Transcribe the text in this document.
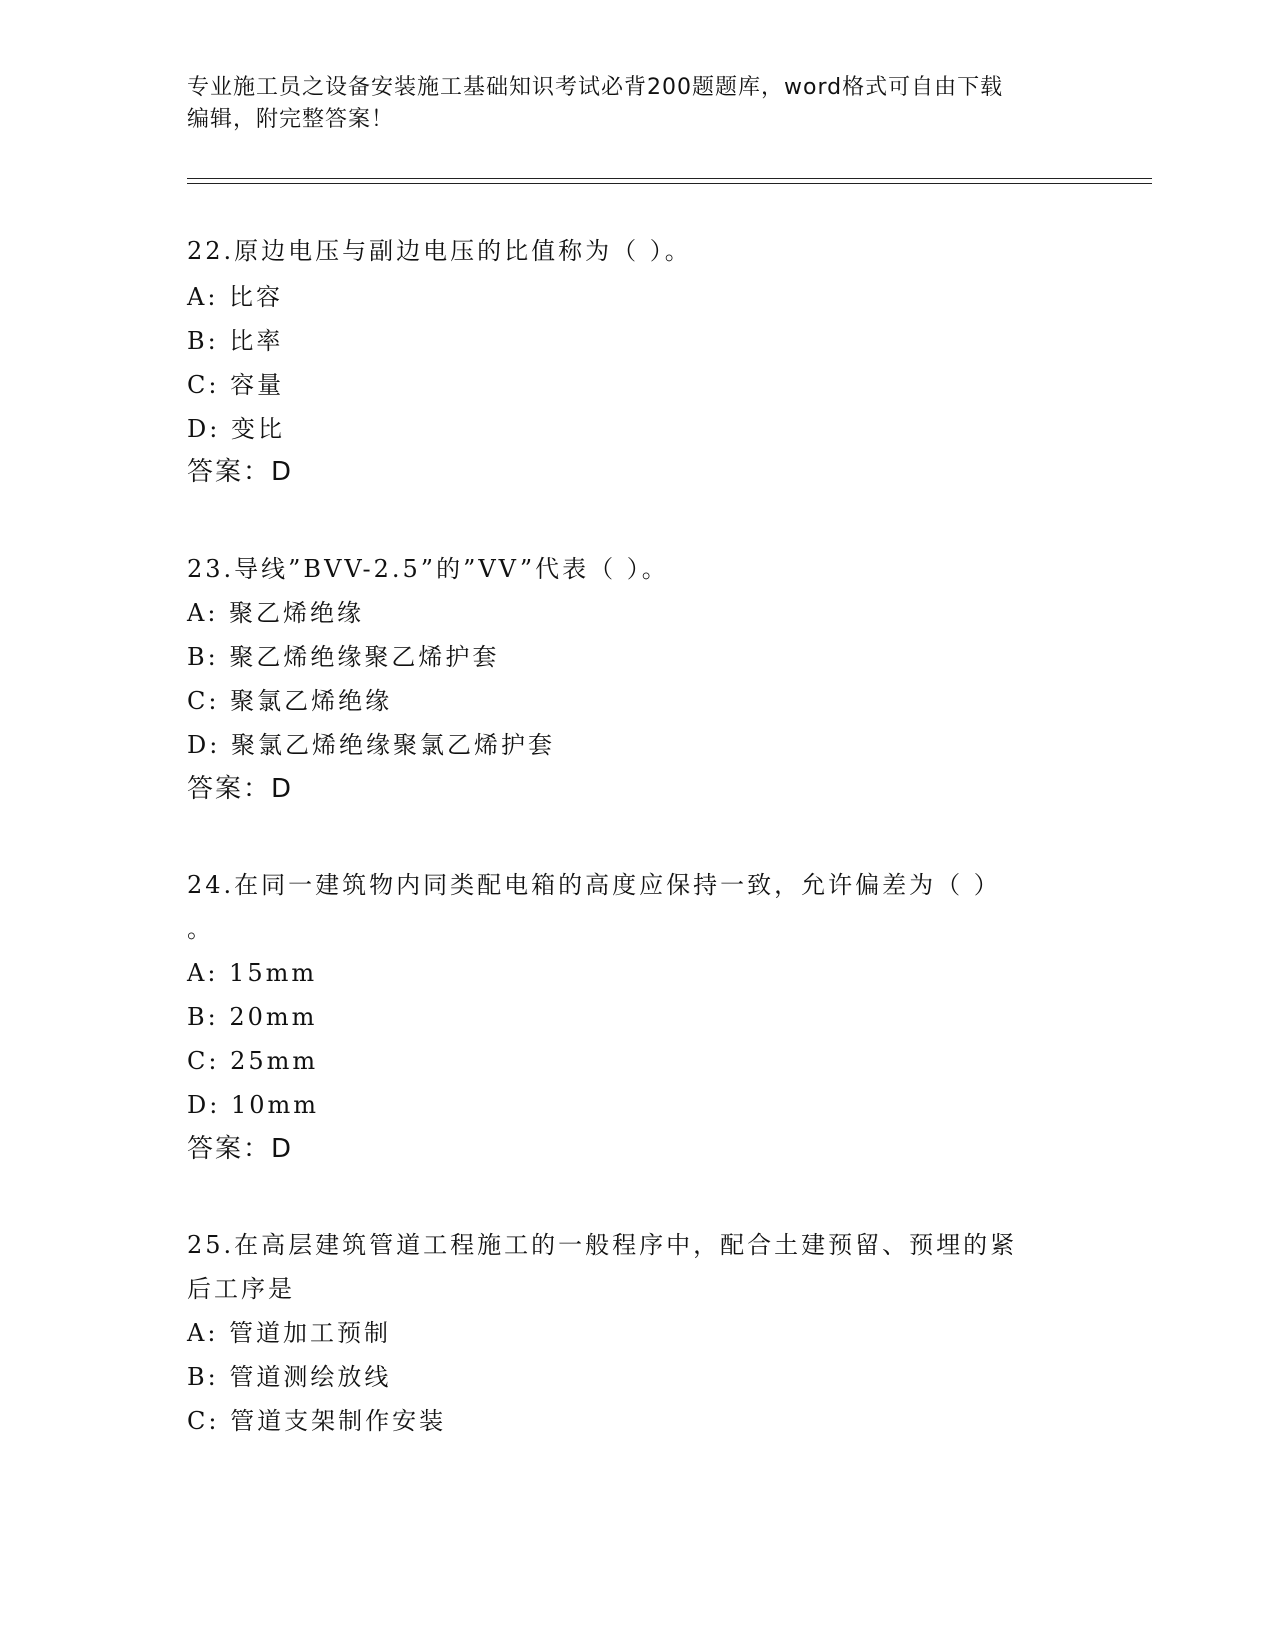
专业施工员之设备安装施工基础知识考试必背200题题库，word格式可自由下载
编辑，附完整答案！
22.原边电压与副边电压的比值称为（ ）。
A: 比容
B: 比率
C: 容量
D: 变比
答案：D
23.导线”BVV-2.5”的”VV”代表（ ）。
A: 聚乙烯绝缘
B: 聚乙烯绝缘聚乙烯护套
C: 聚氯乙烯绝缘
D: 聚氯乙烯绝缘聚氯乙烯护套
答案：D
24.在同一建筑物内同类配电箱的高度应保持一致，允许偏差为（ ）
。
A: 15mm
B: 20mm
C: 25mm
D: 10mm
答案：D
25.在高层建筑管道工程施工的一般程序中，配合土建预留、预埋的紧
后工序是
A: 管道加工预制
B: 管道测绘放线
C: 管道支架制作安装
